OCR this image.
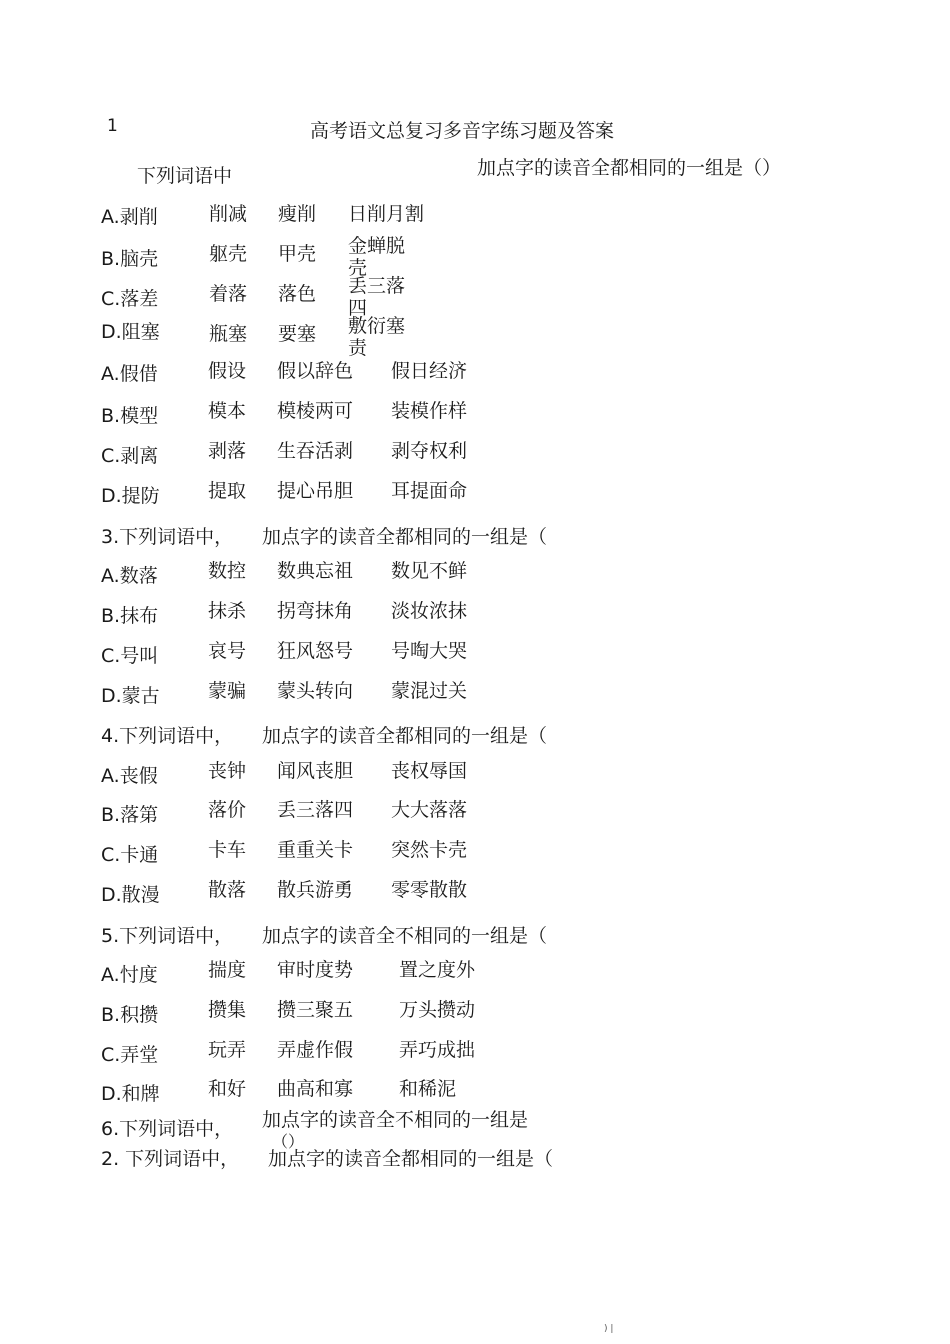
1	高考语文总复习多音字练习题及答案
下列词语中	加点字的读音全都相同的一组是（）
A.剥削	削减 瘦削 日削月割
B.脑壳	躯壳 甲壳 金蝉脱壳
C.落差	着落 落色 丢三落四
D.阻塞	瓶塞 要塞 敷衍塞责
A.假借	假设 假以辞色 假日经济
B.模型	模本 模棱两可 装模作样
C.剥离	剥落 生吞活剥 剥夺权利
D.提防	提取 提心吊胆 耳提面命
3.下列词语中， 加点字的读音全都相同的一组是（
A.数落	数控 数典忘祖 数见不鲜
B.抹布	抹杀 拐弯抹角 淡妆浓抹
C.号叫	哀号 狂风怒号 号啕大哭
D.蒙古	蒙骗 蒙头转向 蒙混过关
4.下列词语中， 加点字的读音全都相同的一组是（
A.丧假	丧钟 闻风丧胆 丧权辱国
B.落第	落价 丢三落四 大大落落
C.卡通	卡车 重重关卡 突然卡壳
D.散漫	散落 散兵游勇 零零散散
5.下列词语中， 加点字的读音全不相同的一组是（
A.忖度	揣度 审时度势 置之度外
B.积攒	攒集 攒三聚五 万头攒动
C.弄堂	玩弄 弄虚作假 弄巧成拙
D.和牌	和好 曲高和寡 和稀泥
6.下列词语中， 加点字的读音全不相同的一组是
（）
2. 下列词语中， 加点字的读音全都相同的一组是（
) |
